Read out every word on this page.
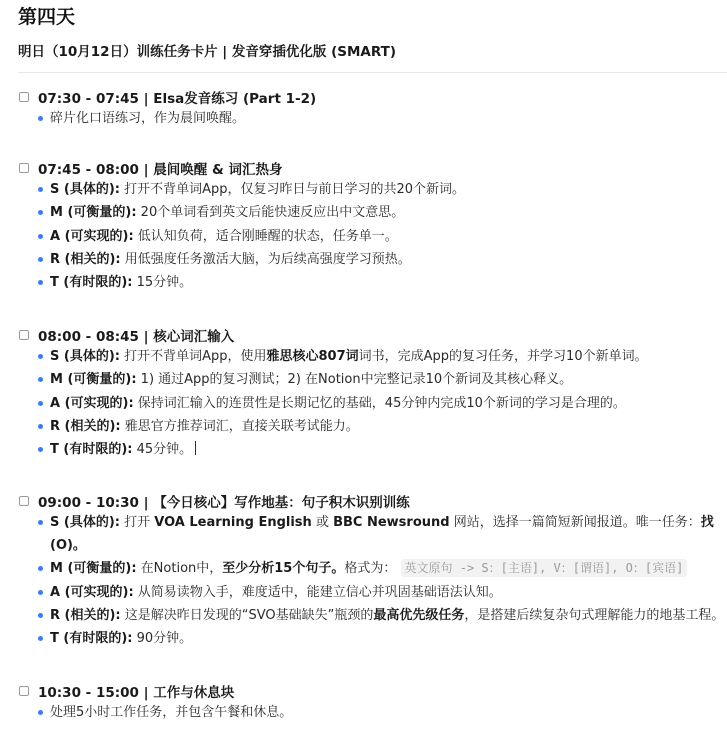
第四天
明日（10月12日）训练任务卡片 | 发音穿插优化版 (SMART)
07:30 - 07:45 | Elsa发音练习 (Part 1-2)
碎片化口语练习，作为晨间唤醒。
07:45 - 08:00 | 晨间唤醒 & 词汇热身
S (具体的): 打开不背单词App，仅复习昨日与前日学习的共20个新词。
M (可衡量的): 20个单词看到英文后能快速反应出中文意思。
A (可实现的): 低认知负荷，适合刚睡醒的状态，任务单一。
R (相关的): 用低强度任务激活大脑，为后续高强度学习预热。
T (有时限的): 15分钟。
08:00 - 08:45 | 核心词汇输入
S (具体的): 打开不背单词App，使用雅思核心807词词书，完成App的复习任务，并学习10个新单词。
M (可衡量的): 1) 通过App的复习测试；2) 在Notion中完整记录10个新词及其核心释义。
A (可实现的): 保持词汇输入的连贯性是长期记忆的基础，45分钟内完成10个新词的学习是合理的。
R (相关的): 雅思官方推荐词汇，直接关联考试能力。
T (有时限的): 45分钟。
09:00 - 10:30 | 【今日核心】写作地基：句子积木识别训练
S (具体的): 打开 VOA Learning English 或 BBC Newsround 网站，选择一篇简短新闻报道。唯一任务：找
(O)。
M (可衡量的): 在Notion中，至少分析15个句子。格式为： 英文原句 -> S：[主语], V：[谓语], O：[宾语]
A (可实现的): 从简易读物入手，难度适中，能建立信心并巩固基础语法认知。
R (相关的): 这是解决昨日发现的“SVO基础缺失”瓶颈的最高优先级任务，是搭建后续复杂句式理解能力的地基工程。
T (有时限的): 90分钟。
10:30 - 15:00 | 工作与休息块
处理5小时工作任务，并包含午餐和休息。
